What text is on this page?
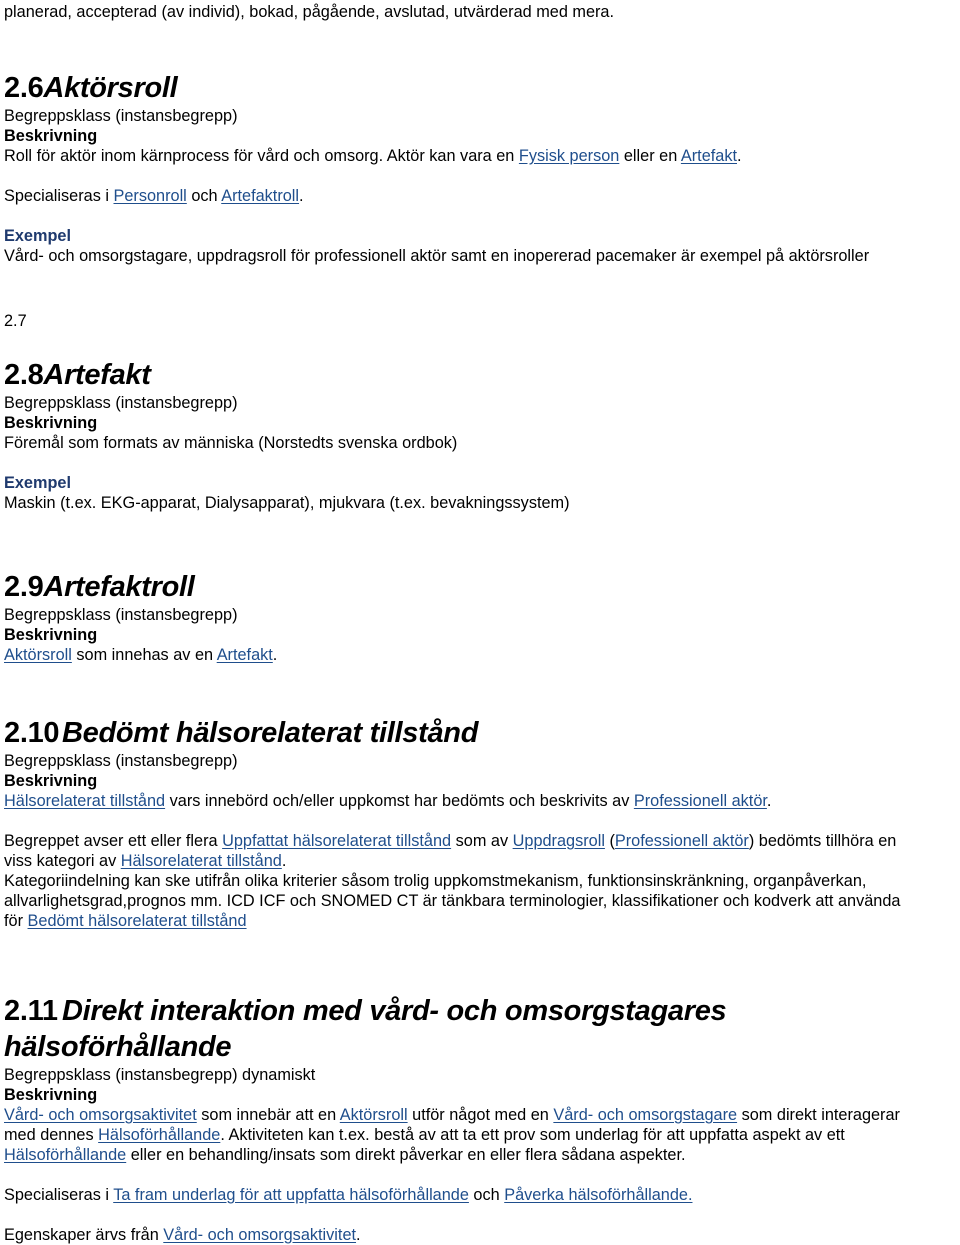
planerad, accepterad (av individ), bokad, pågående, avslutad, utvärderad med mera.
2.6Aktörsroll
Begreppsklass (instansbegrepp)
Beskrivning
Roll för aktör inom kärnprocess för vård och omsorg. Aktör kan vara en Fysisk person eller en Artefakt.
Specialiseras i Personroll och Artefaktroll.
Exempel
Vård- och omsorgstagare, uppdragsroll för professionell aktör samt en inopererad pacemaker är exempel på aktörsroller
2.7
2.8Artefakt
Begreppsklass (instansbegrepp)
Beskrivning
Föremål som formats av människa (Norstedts svenska ordbok)
Exempel
Maskin (t.ex. EKG-apparat, Dialysapparat), mjukvara (t.ex. bevakningssystem)
2.9Artefaktroll
Begreppsklass (instansbegrepp)
Beskrivning
Aktörsroll som innehas av en Artefakt.
2.10Bedömt hälsorelaterat tillstånd
Begreppsklass (instansbegrepp)
Beskrivning
Hälsorelaterat tillstånd vars innebörd och/eller uppkomst har bedömts och beskrivits av Professionell aktör.
Begreppet avser ett eller flera Uppfattat hälsorelaterat tillstånd som av Uppdragsroll (Professionell aktör) bedömts tillhöra en
viss kategori av Hälsorelaterat tillstånd.
Kategoriindelning kan ske utifrån olika kriterier såsom trolig uppkomstmekanism, funktionsinskränkning, organpåverkan,
allvarlighetsgrad,prognos mm. ICD ICF och SNOMED CT är tänkbara terminologier, klassifikationer och kodverk att använda
för Bedömt hälsorelaterat tillstånd
2.11 Direkt interaktion med vård- och omsorgstagares hälsoförhållande
Begreppsklass (instansbegrepp) dynamiskt
Beskrivning
Vård- och omsorgsaktivitet som innebär att en Aktörsroll utför något med en Vård- och omsorgstagare som direkt interagerar
med dennes Hälsoförhållande. Aktiviteten kan t.ex. bestå av att ta ett prov som underlag för att uppfatta aspekt av ett
Hälsoförhållande eller en behandling/insats som direkt påverkar en eller flera sådana aspekter.
Specialiseras i Ta fram underlag för att uppfatta hälsoförhållande och Påverka hälsoförhållande.
Egenskaper ärvs från Vård- och omsorgsaktivitet.
